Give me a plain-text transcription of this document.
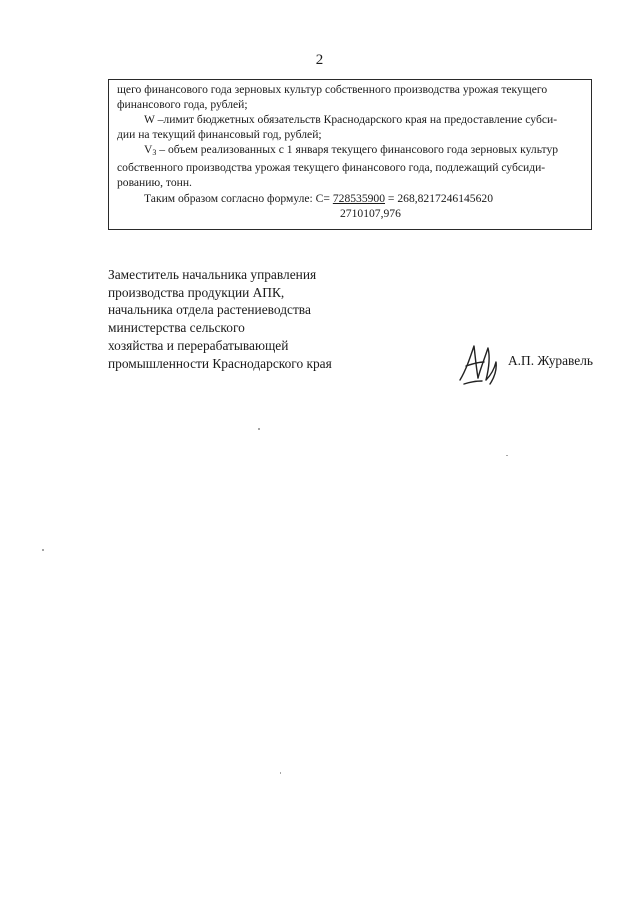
2

щего финансового года зерновых культур собственного производства урожая текущего

финансового года, рублей;

W –лимит бюджетных обязательств Краснодарского края на предоставление субси-

дии на текущий финансовый год, рублей;

$V_3$ – объем реализованных с 1 января текущего финансового года зерновых культур

собственного производства урожая текущего финансового года, подлежащий субсиди-

рованию, тонн.

Таким образом согласно формуле: С= 728535900 = 268,8217246145620

2710107,976

Заместитель начальника управления
производства продукции АПК,
начальника отдела растениеводства
министерства сельского
хозяйства и перерабатывающей
промышленности Краснодарского края	А.П. Журавель
